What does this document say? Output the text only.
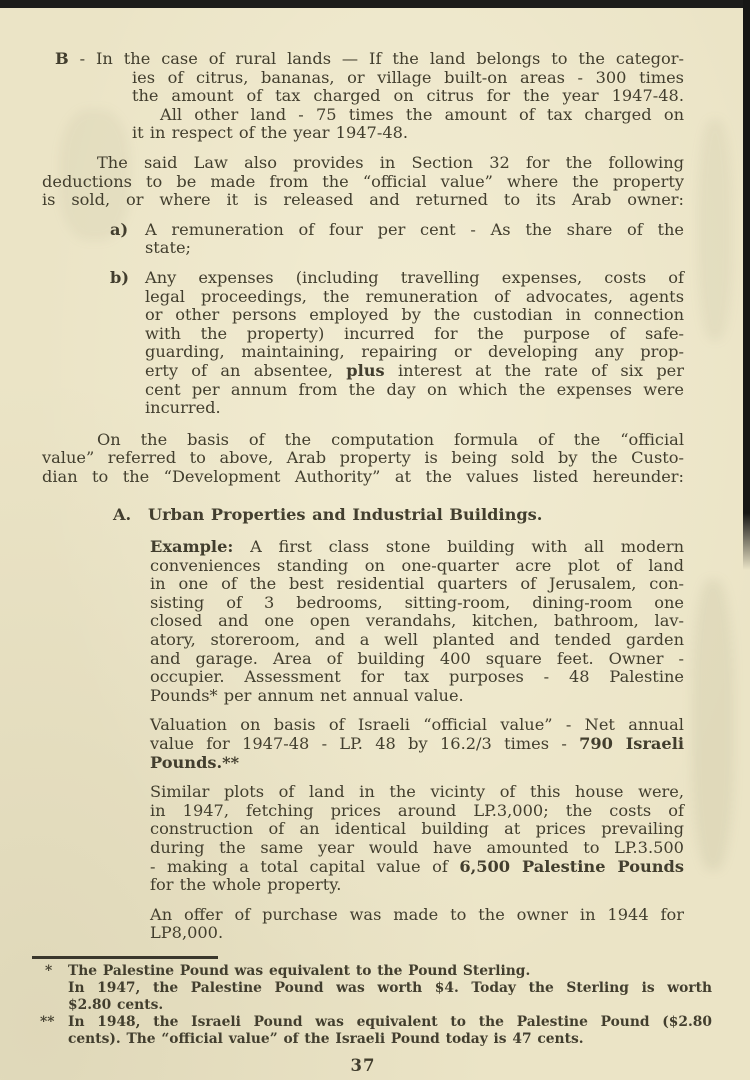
B - In the case of rural lands — If the land belongs to the categor-
ies of citrus, bananas, or village built-on areas - 300 times
the amount of tax charged on citrus for the year 1947-48.
All other land - 75 times the amount of tax charged on
it in respect of the year 1947-48.
The said Law also provides in Section 32 for the following
deductions to be made from the “official value” where the property
is sold, or where it is released and returned to its Arab owner:
a) A remuneration of four per cent - As the share of the
state;
b) Any expenses (including travelling expenses, costs of
legal proceedings, the remuneration of advocates, agents
or other persons employed by the custodian in connection
with the property) incurred for the purpose of safe-
guarding, maintaining, repairing or developing any prop-
erty of an absentee, plus interest at the rate of six per
cent per annum from the day on which the expenses were
incurred.
On the basis of the computation formula of the “official
value” referred to above, Arab property is being sold by the Custo-
dian to the “Development Authority” at the values listed hereunder:
A. Urban Properties and Industrial Buildings.
Example: A first class stone building with all modern
conveniences standing on one-quarter acre plot of land
in one of the best residential quarters of Jerusalem, con-
sisting of 3 bedrooms, sitting-room, dining-room one
closed and one open verandahs, kitchen, bathroom, lav-
atory, storeroom, and a well planted and tended garden
and garage. Area of building 400 square feet. Owner -
occupier. Assessment for tax purposes - 48 Palestine
Pounds* per annum net annual value.
Valuation on basis of Israeli “official value” - Net annual
value for 1947-48 - LP. 48 by 16.2/3 times - 790 Israeli
Pounds.**
Similar plots of land in the vicinty of this house were,
in 1947, fetching prices around LP.3,000; the costs of
construction of an identical building at prices prevailing
during the same year would have amounted to LP.3.500
- making a total capital value of 6,500 Palestine Pounds
for the whole property.
An offer of purchase was made to the owner in 1944 for
LP8,000.
* The Palestine Pound was equivalent to the Pound Sterling.
In 1947, the Palestine Pound was worth $4. Today the Sterling is worth
$2.80 cents.
** In 1948, the Israeli Pound was equivalent to the Palestine Pound ($2.80
cents). The “official value” of the Israeli Pound today is 47 cents.
37
